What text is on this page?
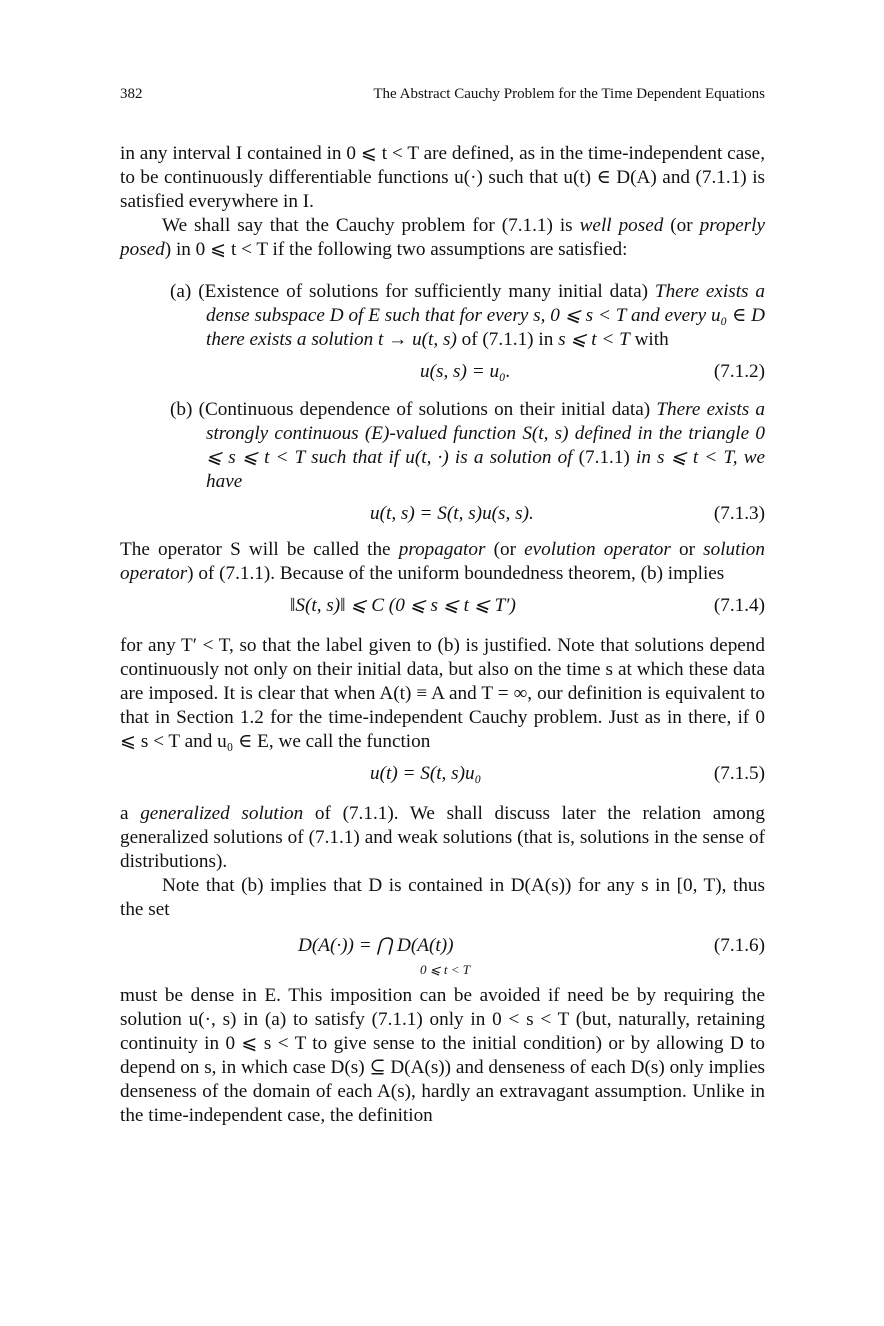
382	The Abstract Cauchy Problem for the Time Dependent Equations

in any interval I contained in 0 ⩽ t < T are defined, as in the time-independent case, to be continuously differentiable functions u(·) such that u(t) ∈ D(A) and (7.1.1) is satisfied everywhere in I.

We shall say that the Cauchy problem for (7.1.1) is well posed (or properly posed) in 0 ⩽ t < T if the following two assumptions are satisfied:

(a) (Existence of solutions for sufficiently many initial data) There exists a dense subspace D of E such that for every s, 0 ⩽ s < T and every u₀ ∈ D there exists a solution t → u(t, s) of (7.1.1) in s ⩽ t < T with

u(s, s) = u₀.	(7.1.2)

(b) (Continuous dependence of solutions on their initial data) There exists a strongly continuous (E)-valued function S(t, s) defined in the triangle 0 ⩽ s ⩽ t < T such that if u(t, ·) is a solution of (7.1.1) in s ⩽ t < T, we have

u(t, s) = S(t, s)u(s, s).	(7.1.3)

The operator S will be called the propagator (or evolution operator or solution operator) of (7.1.1). Because of the uniform boundedness theorem, (b) implies

‖S(t, s)‖ ⩽ C (0 ⩽ s ⩽ t ⩽ T′)	(7.1.4)

for any T′ < T, so that the label given to (b) is justified. Note that solutions depend continuously not only on their initial data, but also on the time s at which these data are imposed. It is clear that when A(t) ≡ A and T = ∞, our definition is equivalent to that in Section 1.2 for the time-independent Cauchy problem. Just as in there, if 0 ⩽ s < T and u₀ ∈ E, we call the function

u(t) = S(t, s)u₀	(7.1.5)

a generalized solution of (7.1.1). We shall discuss later the relation among generalized solutions of (7.1.1) and weak solutions (that is, solutions in the sense of distributions).

Note that (b) implies that D is contained in D(A(s)) for any s in [0, T), thus the set

D(A(·)) = ⋂ D(A(t))
0 ⩽ t < T
(7.1.6)

must be dense in E. This imposition can be avoided if need be by requiring the solution u(·, s) in (a) to satisfy (7.1.1) only in 0 < s < T (but, naturally, retaining continuity in 0 ⩽ s < T to give sense to the initial condition) or by allowing D to depend on s, in which case D(s) ⊆ D(A(s)) and denseness of each D(s) only implies denseness of the domain of each A(s), hardly an extravagant assumption. Unlike in the time-independent case, the definition
